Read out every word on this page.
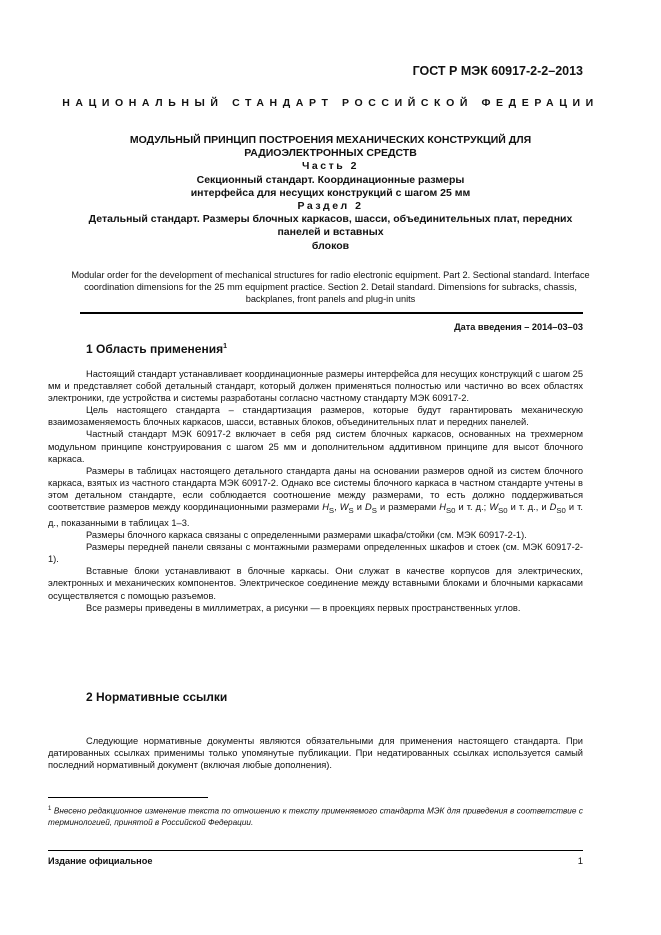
ГОСТ Р МЭК 60917-2-2–2013
НАЦИОНАЛЬНЫЙ СТАНДАРТ РОССИЙСКОЙ ФЕДЕРАЦИИ
МОДУЛЬНЫЙ ПРИНЦИП ПОСТРОЕНИЯ МЕХАНИЧЕСКИХ КОНСТРУКЦИЙ ДЛЯ
РАДИОЭЛЕКТРОННЫХ СРЕДСТВ
Часть 2
Секционный стандарт. Координационные размеры
интерфейса для несущих конструкций с шагом 25 мм
Раздел 2
Детальный стандарт. Размеры блочных каркасов, шасси, объединительных плат, передних
панелей и вставных
блоков
Modular order for the development of mechanical structures for radio electronic equipment. Part 2. Sectional standard. Interface coordination dimensions for the 25 mm equipment practice. Section 2. Detail standard. Dimensions for subracks, chassis, backplanes, front panels and plug-in units
Дата введения – 2014–03–03
1 Область применения$^1$

Настоящий стандарт устанавливает координационные размеры интерфейса для несущих конструкций с шагом 25 мм и представляет собой детальный стандарт, который должен применяться полностью или частично во всех областях электроники, где устройства и системы разработаны согласно частному стандарту МЭК 60917-2.

Цель настоящего стандарта – стандартизация размеров, которые будут гарантировать механическую взаимозаменяемость блочных каркасов, шасси, вставных блоков, объединительных плат и передних панелей.

Частный стандарт МЭК 60917-2 включает в себя ряд систем блочных каркасов, основанных на трехмерном модульном принципе конструирования с шагом 25 мм и дополнительном аддитивном принципе для высот блочного каркаса.

Размеры в таблицах настоящего детального стандарта даны на основании размеров одной из систем блочного каркаса, взятых из частного стандарта МЭК 60917-2. Однако все системы блочного каркаса в частном стандарте учтены в этом детальном стандарте, если соблюдается соотношение между размерами, то есть должно поддерживаться соответствие размеров между координационными размерами $H_S$, $W_S$ и $D_S$ и размерами $H_{S0}$ и т. д.; $W_{S0}$ и т. д., и $D_{S0}$ и т. д., показанными в таблицах 1–3.

Размеры блочного каркаса связаны с определенными размерами шкафа/стойки (см. МЭК 60917-2-1).

Размеры передней панели связаны с монтажными размерами определенных шкафов и стоек (см. МЭК 60917-2-1).

Вставные блоки устанавливают в блочные каркасы. Они служат в качестве корпусов для электрических, электронных и механических компонентов. Электрическое соединение между вставными блоками и блочными каркасами осуществляется с помощью разъемов.

Все размеры приведены в миллиметрах, а рисунки — в проекциях первых пространственных углов.

2 Нормативные ссылки

Следующие нормативные документы являются обязательными для применения настоящего стандарта. При датированных ссылках применимы только упомянутые публикации. При недатированных ссылках используется самый последний нормативный документ (включая любые дополнения).

$^1$ Внесено редакционное изменение текста по отношению к тексту применяемого стандарта МЭК для приведения в соответствие с терминологией, принятой в Российской Федерации.
Издание официальное	1
